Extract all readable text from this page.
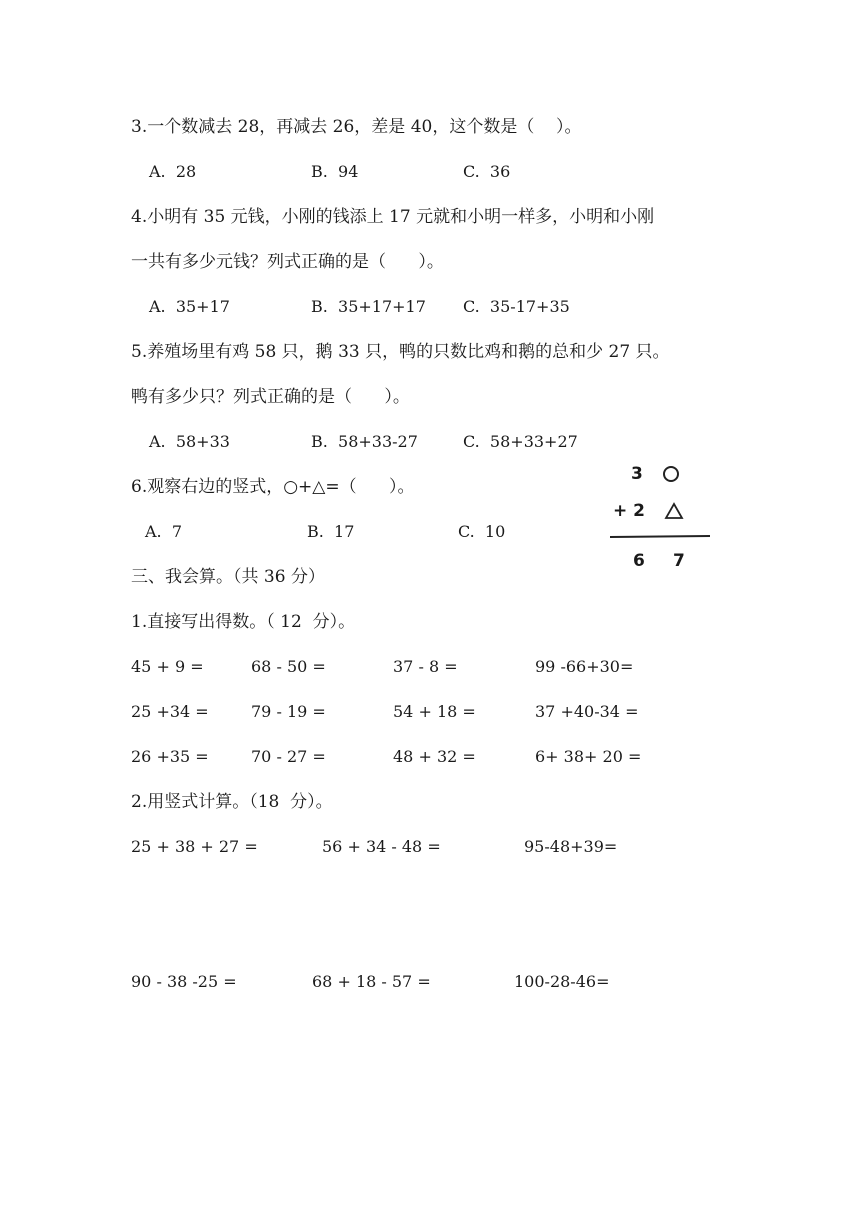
3.一个数减去 28，再减去 26，差是 40，这个数是（    ）。
A.  28	B.  94	C.  36
4.小明有 35 元钱，小刚的钱添上 17 元就和小明一样多，小明和小刚
一共有多少元钱？列式正确的是（      ）。
A.  35+17	B.  35+17+17 C.  35-17+35
5.养殖场里有鸡 58 只，鹅 33 只，鸭的只数比鸡和鹅的总和少 27 只。
鸭有多少只？列式正确的是（      ）。
A.  58+33	B.  58+33-27	C.  58+33+27
6.观察右边的竖式，○+△=（      ）。
A.  7	B.  17	C.  10
3
+ 2
6 7
三、我会算。（共 36 分）
1.直接写出得数。（ 12  分）。
45 + 9 =	68 - 50 =	37 - 8 =	99 -66+30=
25 +34 =	79 - 19 =	54 + 18 =	37 +40-34 =
26 +35 =	70 - 27 =	48 + 32 =	6+ 38+ 20 =
2.用竖式计算。（18  分）。
25 + 38 + 27 =	56 + 34 - 48 =	95-48+39=
90 - 38 -25 =	68 + 18 - 57 =	100-28-46=
